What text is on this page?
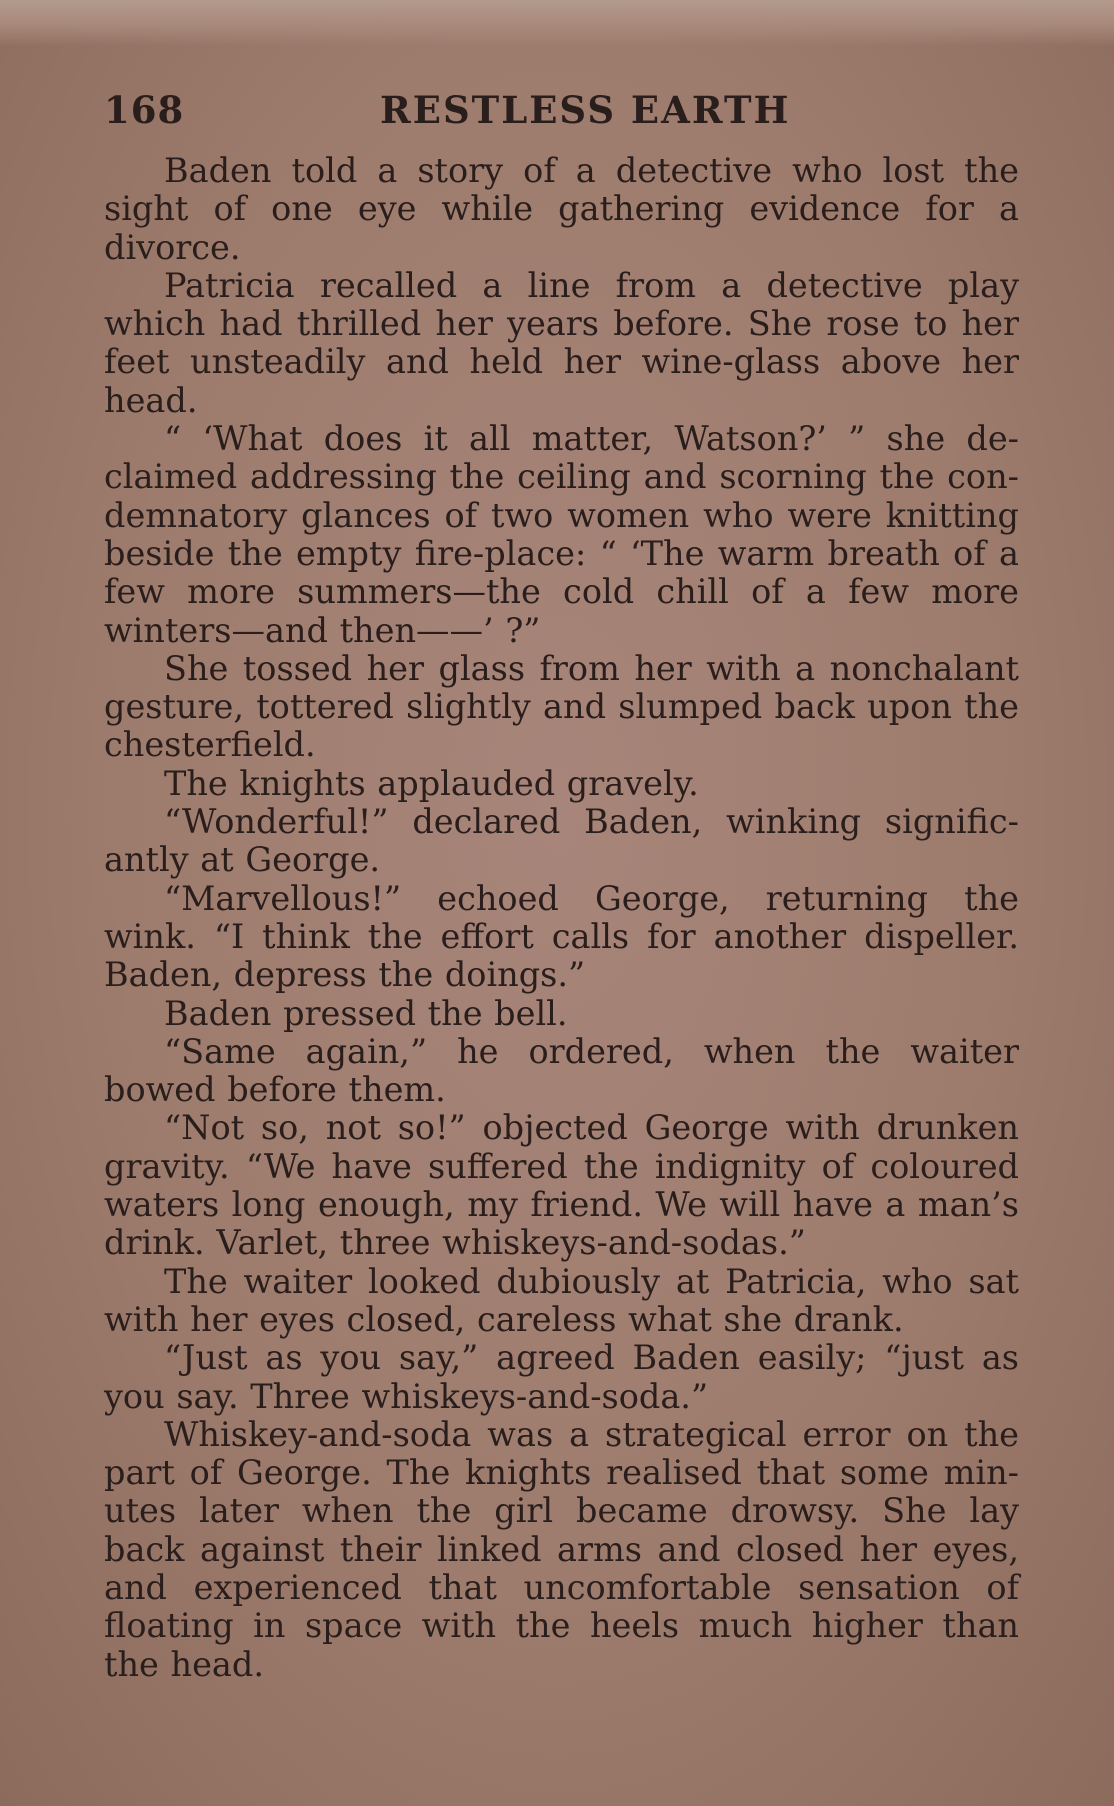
168	RESTLESS EARTH

Baden told a story of a detective who lost the sight of one eye while gathering evidence for a divorce.

Patricia recalled a line from a detective play which had thrilled her years before. She rose to her feet unsteadily and held her wine-glass above her head.

“ ‘What does it all matter, Watson?’ ” she de-claimed addressing the ceiling and scorning the con-demnatory glances of two women who were knitting beside the empty fire-place: “ ‘The warm breath of a few more summers—the cold chill of a few more winters—and then——’ ?”

She tossed her glass from her with a nonchalant gesture, tottered slightly and slumped back upon the chesterfield.

The knights applauded gravely.

“Wonderful!” declared Baden, winking signific-antly at George.

“Marvellous!” echoed George, returning the wink. “I think the effort calls for another dispeller. Baden, depress the doings.”

Baden pressed the bell.

“Same again,” he ordered, when the waiter bowed before them.

“Not so, not so!” objected George with drunken gravity. “We have suffered the indignity of coloured waters long enough, my friend. We will have a man’s drink. Varlet, three whiskeys-and-sodas.”

The waiter looked dubiously at Patricia, who sat with her eyes closed, careless what she drank.

“Just as you say,” agreed Baden easily; “just as you say. Three whiskeys-and-soda.”

Whiskey-and-soda was a strategical error on the part of George. The knights realised that some min-utes later when the girl became drowsy. She lay back against their linked arms and closed her eyes, and experienced that uncomfortable sensation of floating in space with the heels much higher than the head.
